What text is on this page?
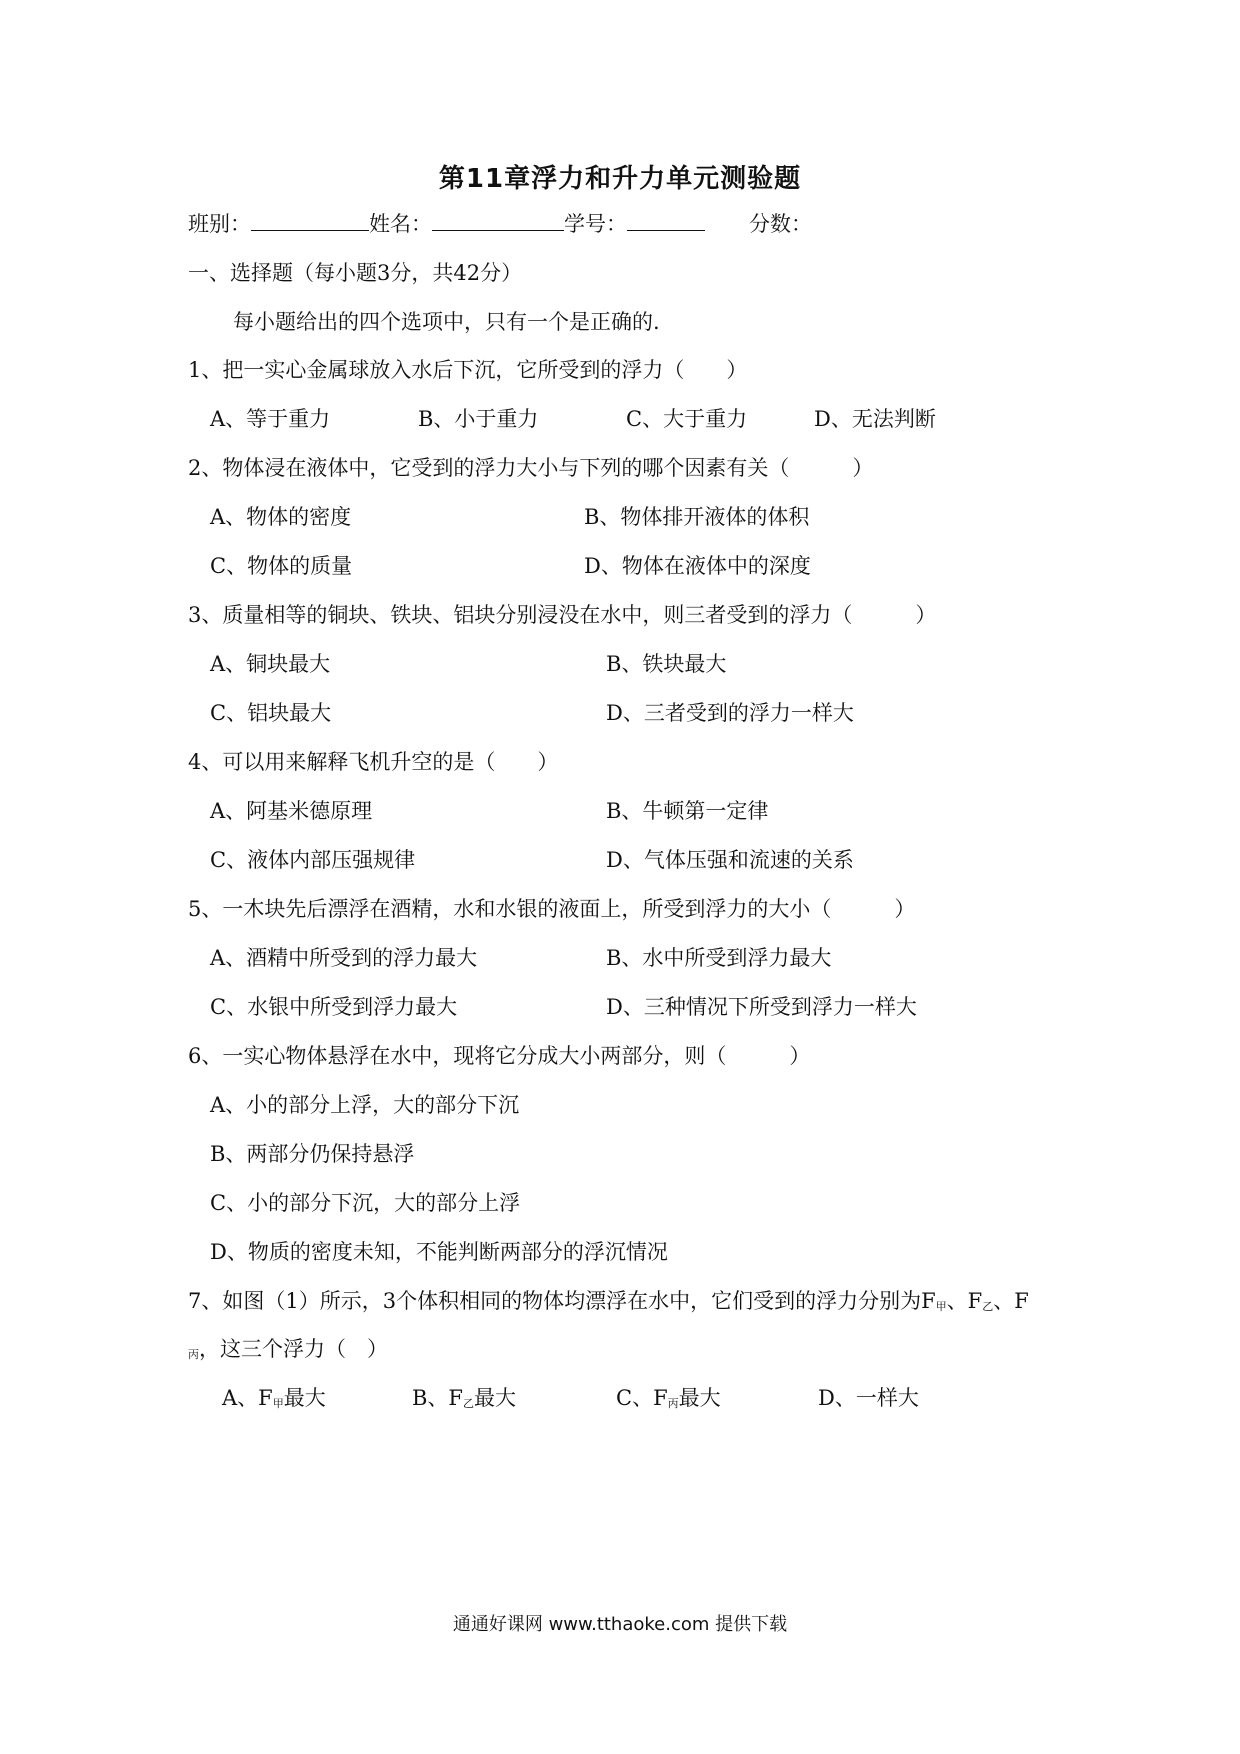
第11章浮力和升力单元测验题
班别：	姓名：	学号：	分数：
一、选择题（每小题3分，共42分）
每小题给出的四个选项中，只有一个是正确的.
1、把一实心金属球放入水后下沉，它所受到的浮力（　　）
A、等于重力	B、小于重力	C、大于重力	D、无法判断
2、物体浸在液体中，它受到的浮力大小与下列的哪个因素有关（　　　）
A、物体的密度	B、物体排开液体的体积
C、物体的质量	D、物体在液体中的深度
3、质量相等的铜块、铁块、铝块分别浸没在水中，则三者受到的浮力（　　　）
A、铜块最大	B、铁块最大
C、铝块最大	D、三者受到的浮力一样大
4、可以用来解释飞机升空的是（　　）
A、阿基米德原理	B、牛顿第一定律
C、液体内部压强规律	D、气体压强和流速的关系
5、一木块先后漂浮在酒精，水和水银的液面上，所受到浮力的大小（　　　）
A、酒精中所受到的浮力最大	B、水中所受到浮力最大
C、水银中所受到浮力最大	D、三种情况下所受到浮力一样大
6、一实心物体悬浮在水中，现将它分成大小两部分，则（　　　）
A、小的部分上浮，大的部分下沉
B、两部分仍保持悬浮
C、小的部分下沉，大的部分上浮
D、物质的密度未知，不能判断两部分的浮沉情况
7、如图（1）所示，3个体积相同的物体均漂浮在水中，它们受到的浮力分别为F甲、F乙、F
丙，这三个浮力（　）
A、F甲最大	B、F乙最大	C、F丙最大	D、一样大
通通好课网 www.tthaoke.com 提供下载
